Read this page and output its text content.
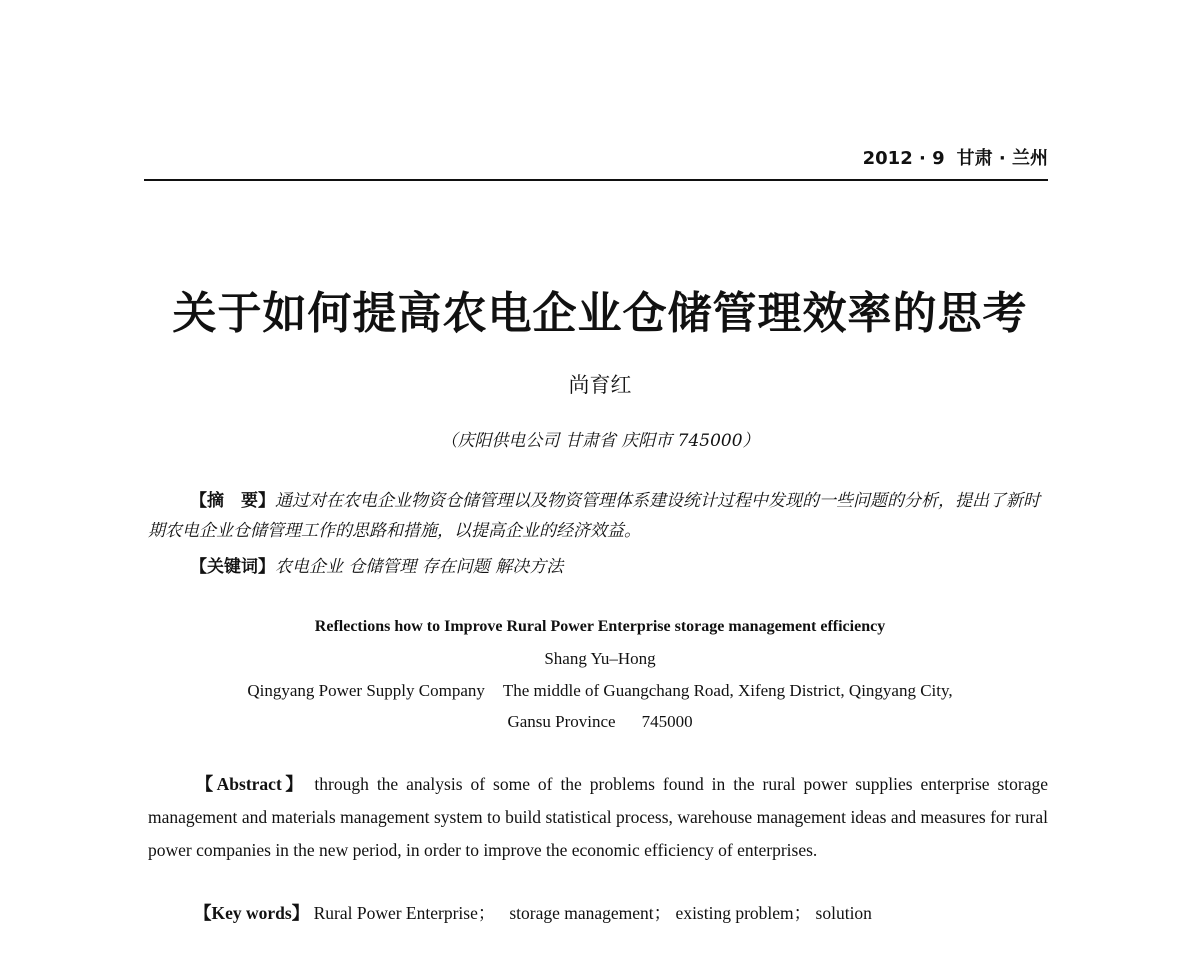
2012 · 9 甘肃 · 兰州
关于如何提高农电企业仓储管理效率的思考
尚育红
（庆阳供电公司 甘肃省 庆阳市 745000）

【摘　要】通过对在农电企业物资仓储管理以及物资管理体系建设统计过程中发现的一些问题的分析，提出了新时期农电企业仓储管理工作的思路和措施，以提高企业的经济效益。

【关键词】农电企业 仓储管理 存在问题 解决方法
Reflections how to Improve Rural Power Enterprise storage management efficiency
Shang Yu–Hong
Qingyang Power Supply Company The middle of Guangchang Road, Xifeng District, Qingyang City,
Gansu Province 745000
【Abstract】 through the analysis of some of the problems found in the rural power supplies enterprise storage management and materials management system to build statistical process, warehouse management ideas and measures for rural power companies in the new period, in order to improve the economic efficiency of enterprises.
【Key words】 Rural Power Enterprise； storage management； existing problem； solution
